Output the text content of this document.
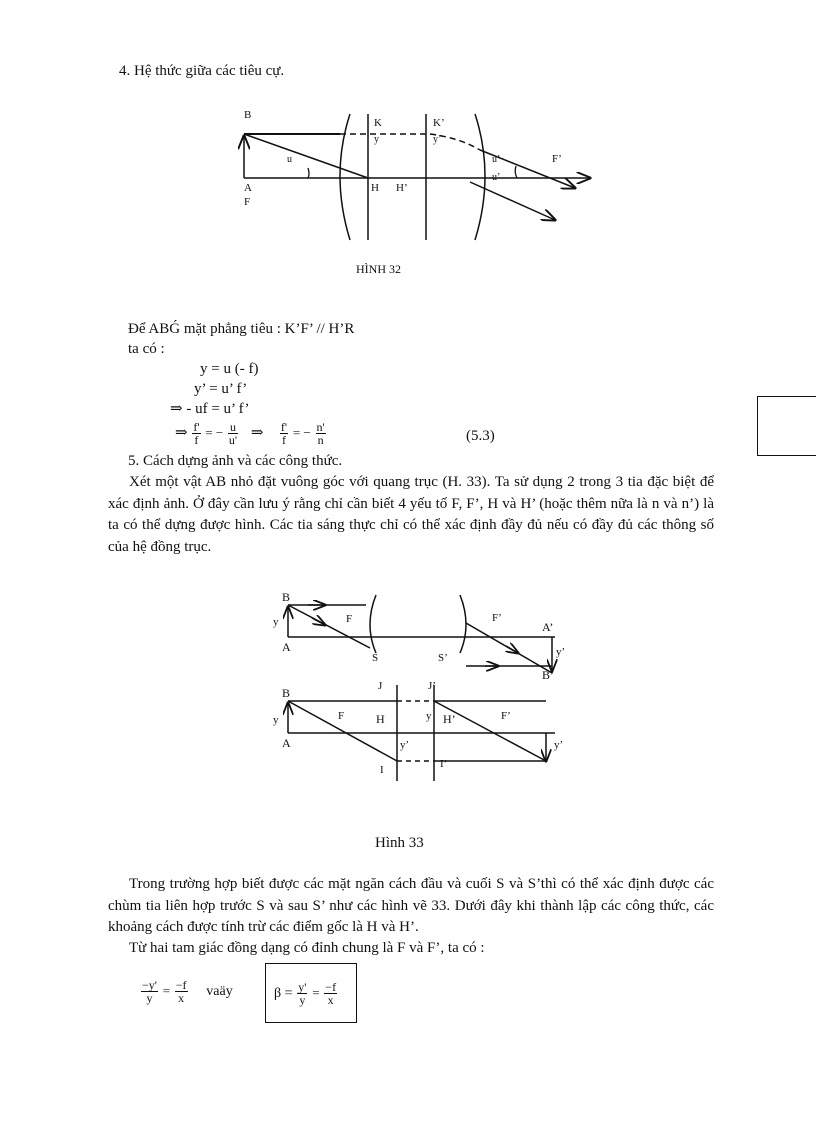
4. Hệ thức giữa các tiêu cự.
B
A
F
K
y
K’
y’
u
H H’
u’
u’
F’
HÌNH 32
Để ABǴ mặt phẳng tiêu : K’F’ // H’R
ta có :
y = u (- f)
y’ = u’ f’
⇒ - uf = u’ f’
⇒ $\frac{f'}{f}$ = − $\frac{u}{u'}$ ⇒ $\frac{f'}{f}$ = − $\frac{n'}{n}$	(5.3)
5. Cách dựng ảnh và các công thức.
Xét một vật AB nhỏ đặt vuông góc với quang trục (H. 33). Ta sử dụng 2 trong 3 tia đặc biệt để xác định ảnh. Ở đây cần lưu ý rằng chỉ cần biết 4 yếu tố F, F’, H và H’ (hoặc thêm nữa là n và n’) là ta có thể dựng được hình. Các tia sáng thực chỉ có thể xác định đầy đủ nếu có đầy đủ các thông số của hệ đồng trục.
B
y	F
A
S	S’
F’
A’
y’
B’
J	J’
B
y	F	H	y H’	F’
A	y’	y’
I	I’
Hình 33
Trong trường hợp biết được các mặt ngăn cách đầu và cuối S và S’thì có thể xác định được các chùm tia liên hợp trước S và sau S’ như các hình vẽ 33. Dưới đây khi thành lập các công thức, các khoảng cách được tính trừ các điểm gốc là H và H’.
Từ hai tam giác đồng dạng có đỉnh chung là F và F’, ta có :
$\frac{-y'}{y} = \frac{-f}{x}$ vaäy	$\beta = \frac{y'}{y} = \frac{-f}{x}$
